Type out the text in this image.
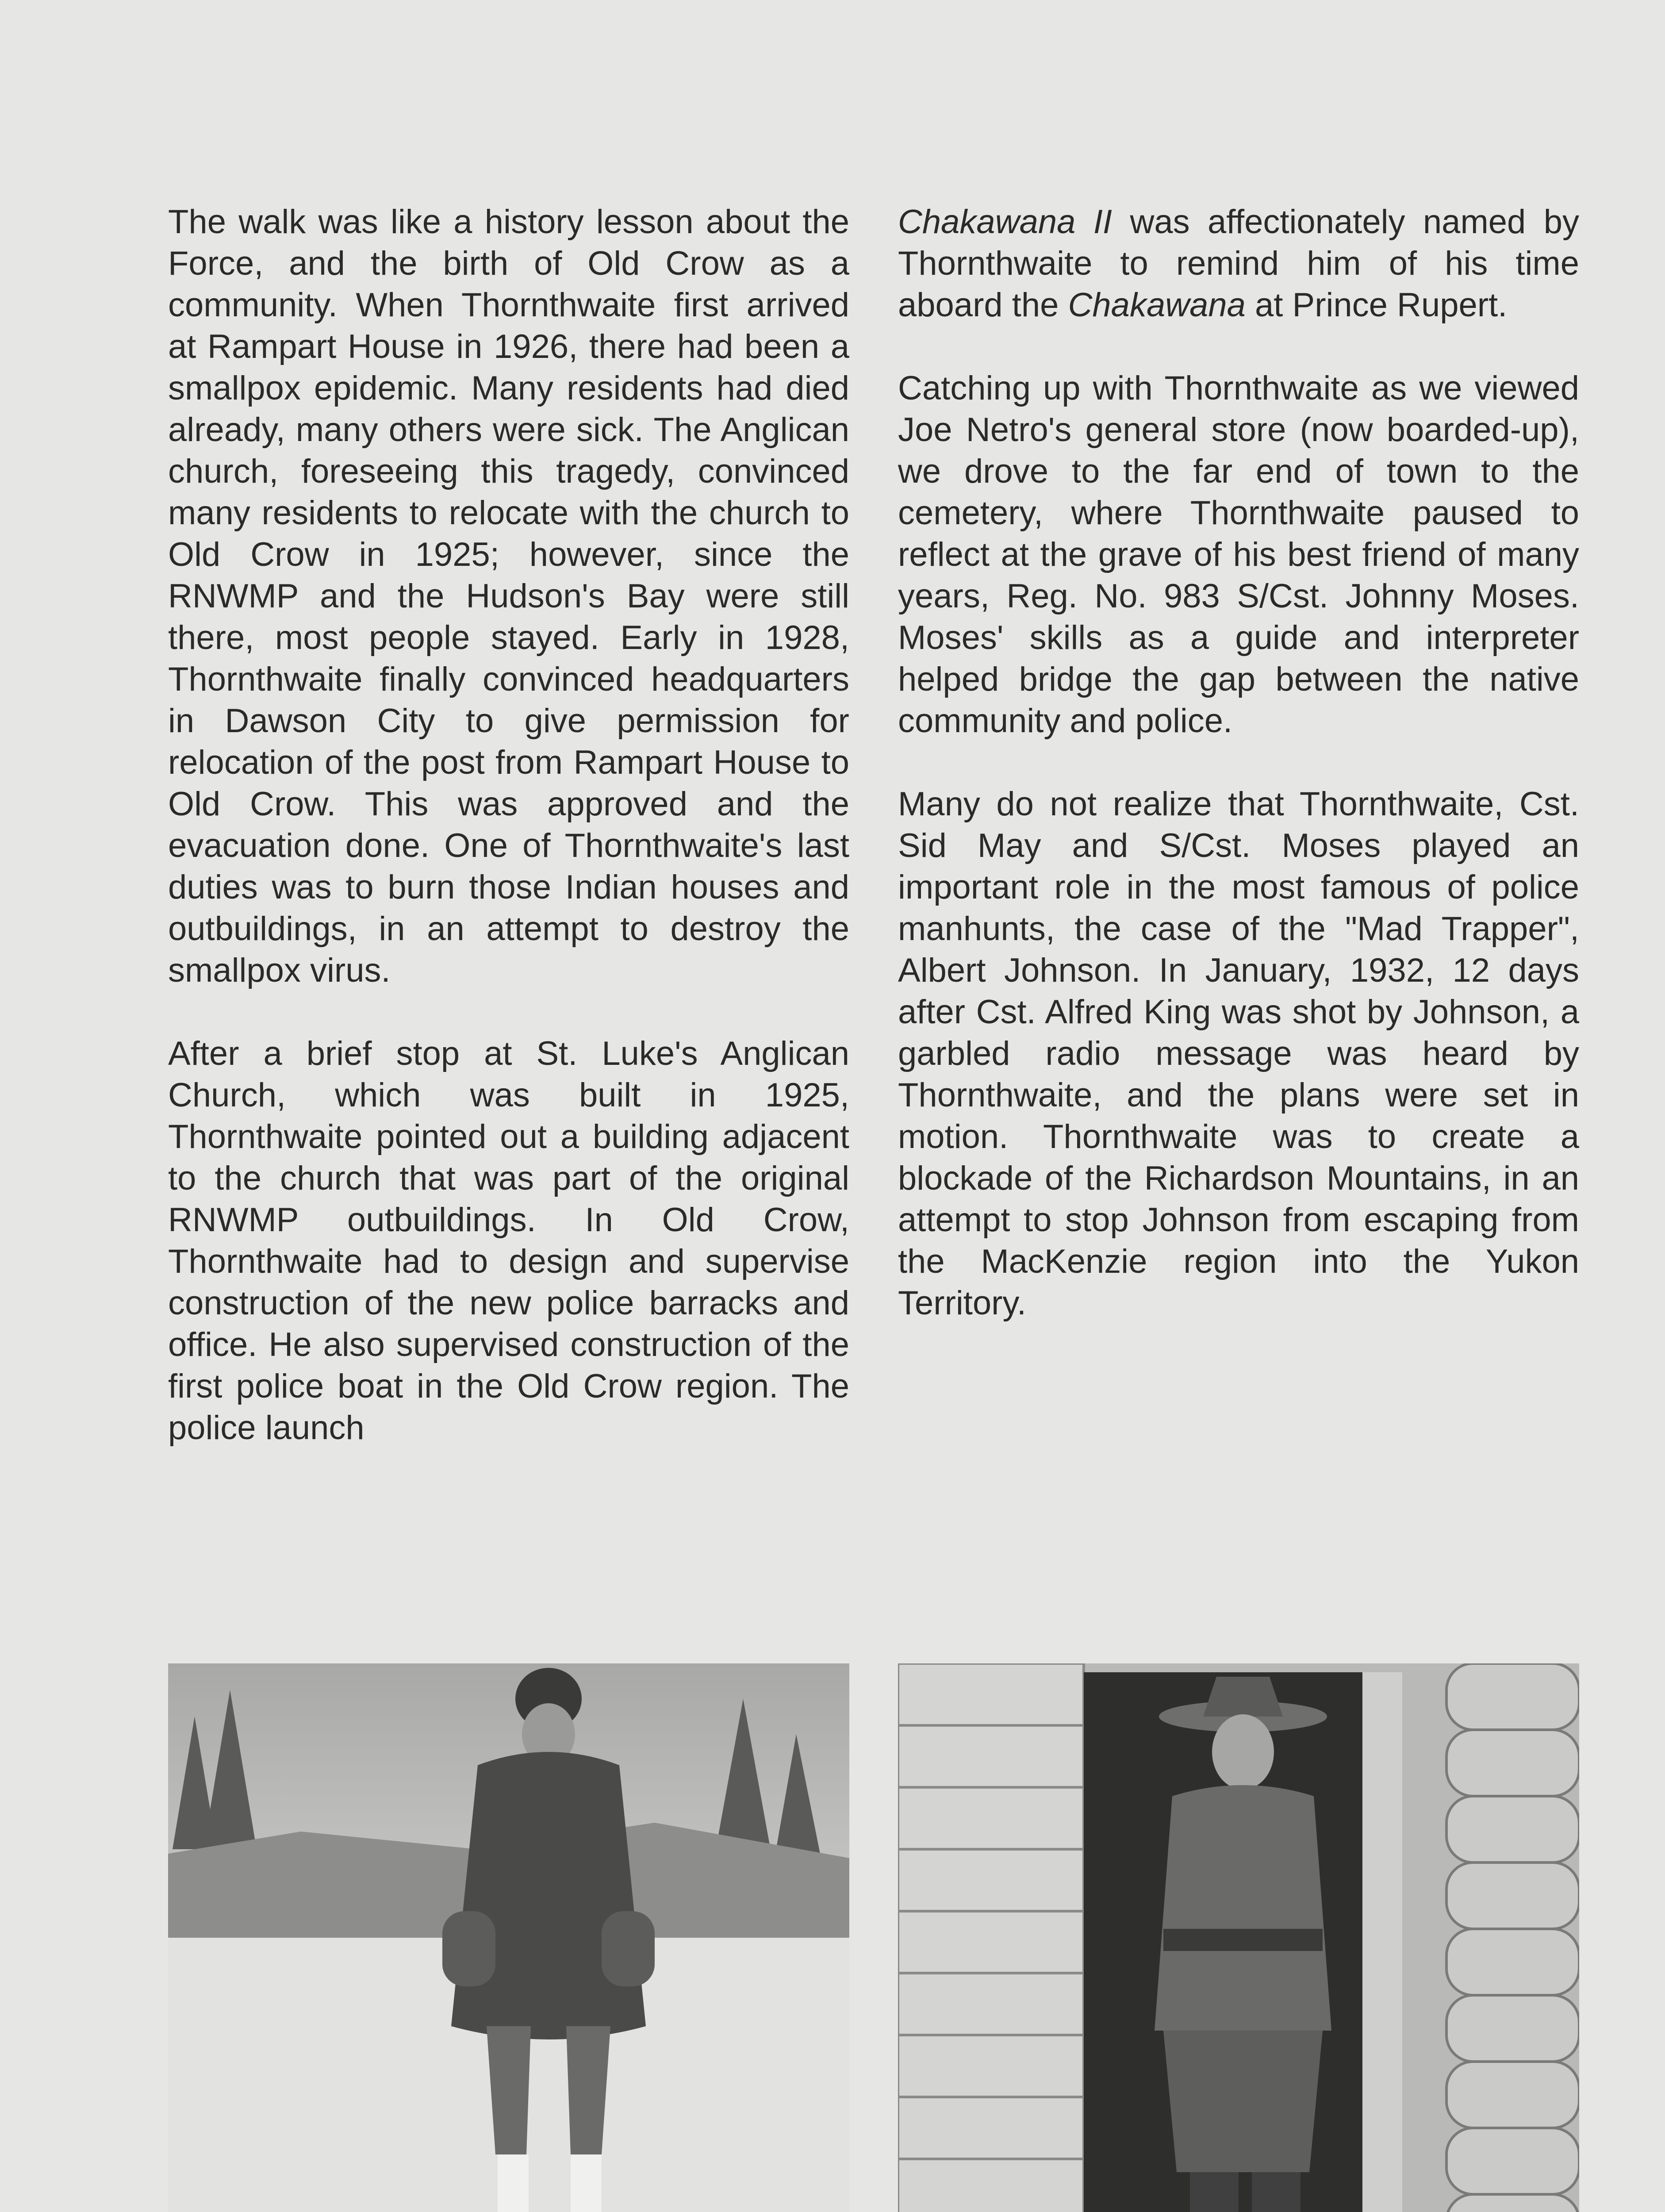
The walk was like a history lesson about the Force, and the birth of Old Crow as a community. When Thornthwaite first arrived at Rampart House in 1926, there had been a smallpox epidemic. Many residents had died already, many others were sick. The Anglican church, foreseeing this tragedy, convinced many residents to relocate with the church to Old Crow in 1925; however, since the RNWMP and the Hudson's Bay were still there, most people stayed. Early in 1928, Thornthwaite finally convinced headquarters in Dawson City to give permission for relocation of the post from Rampart House to Old Crow. This was approved and the evacuation done. One of Thornthwaite's last duties was to burn those Indian houses and outbuildings, in an attempt to destroy the smallpox virus.

After a brief stop at St. Luke's Anglican Church, which was built in 1925, Thornthwaite pointed out a building adjacent to the church that was part of the original RNWMP outbuildings. In Old Crow, Thornthwaite had to design and supervise construction of the new police barracks and office. He also supervised construction of the first police boat in the Old Crow region. The police launch

Chakawana II was affectionately named by Thornthwaite to remind him of his time aboard the Chakawana at Prince Rupert.

Catching up with Thornthwaite as we viewed Joe Netro's general store (now boarded-up), we drove to the far end of town to the cemetery, where Thornthwaite paused to reflect at the grave of his best friend of many years, Reg. No. 983 S/Cst. Johnny Moses. Moses' skills as a guide and interpreter helped bridge the gap between the native community and police.

Many do not realize that Thornthwaite, Cst. Sid May and S/Cst. Moses played an important role in the most famous of police manhunts, the case of the "Mad Trapper", Albert Johnson. In January, 1932, 12 days after Cst. Alfred King was shot by Johnson, a garbled radio message was heard by Thornthwaite, and the plans were set in motion. Thornthwaite was to create a blockade of the Richardson Mountains, in an attempt to stop Johnson from escaping from the MacKenzie region into the Yukon Territory.
